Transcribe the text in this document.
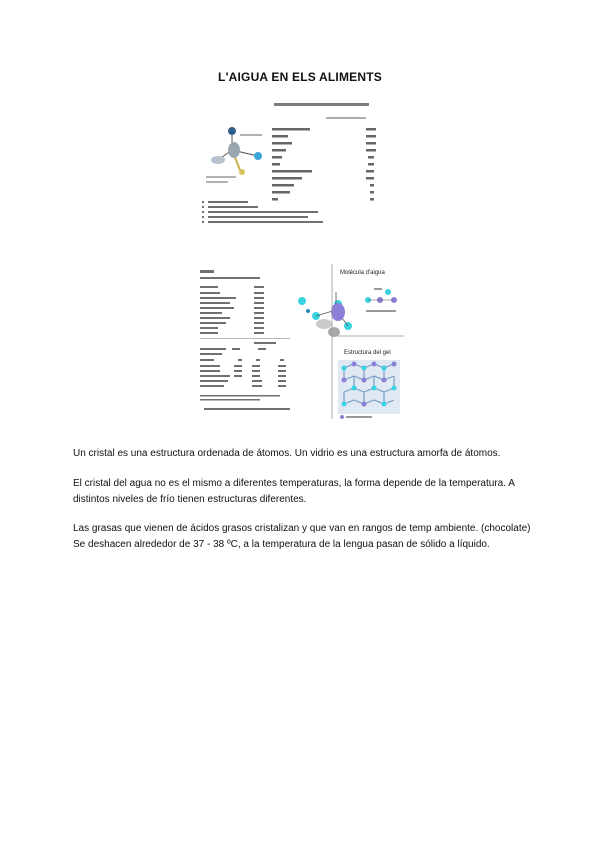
L'AIGUA EN ELS ALIMENTS
Molécula d'aigua
Estructura del gel

Un cristal es una estructura ordenada de átomos. Un vidrio es una estructura amorfa de átomos.

El cristal del agua no es el mismo a diferentes temperaturas, la forma depende de la temperatura. A distintos niveles de frío tienen estructuras diferentes.

Las grasas que vienen de ácidos grasos cristalizan y que van en rangos de temp ambiente. (chocolate) Se deshacen alrededor de 37 - 38 ºC, a la temperatura de la lengua pasan de sólido a líquido.
